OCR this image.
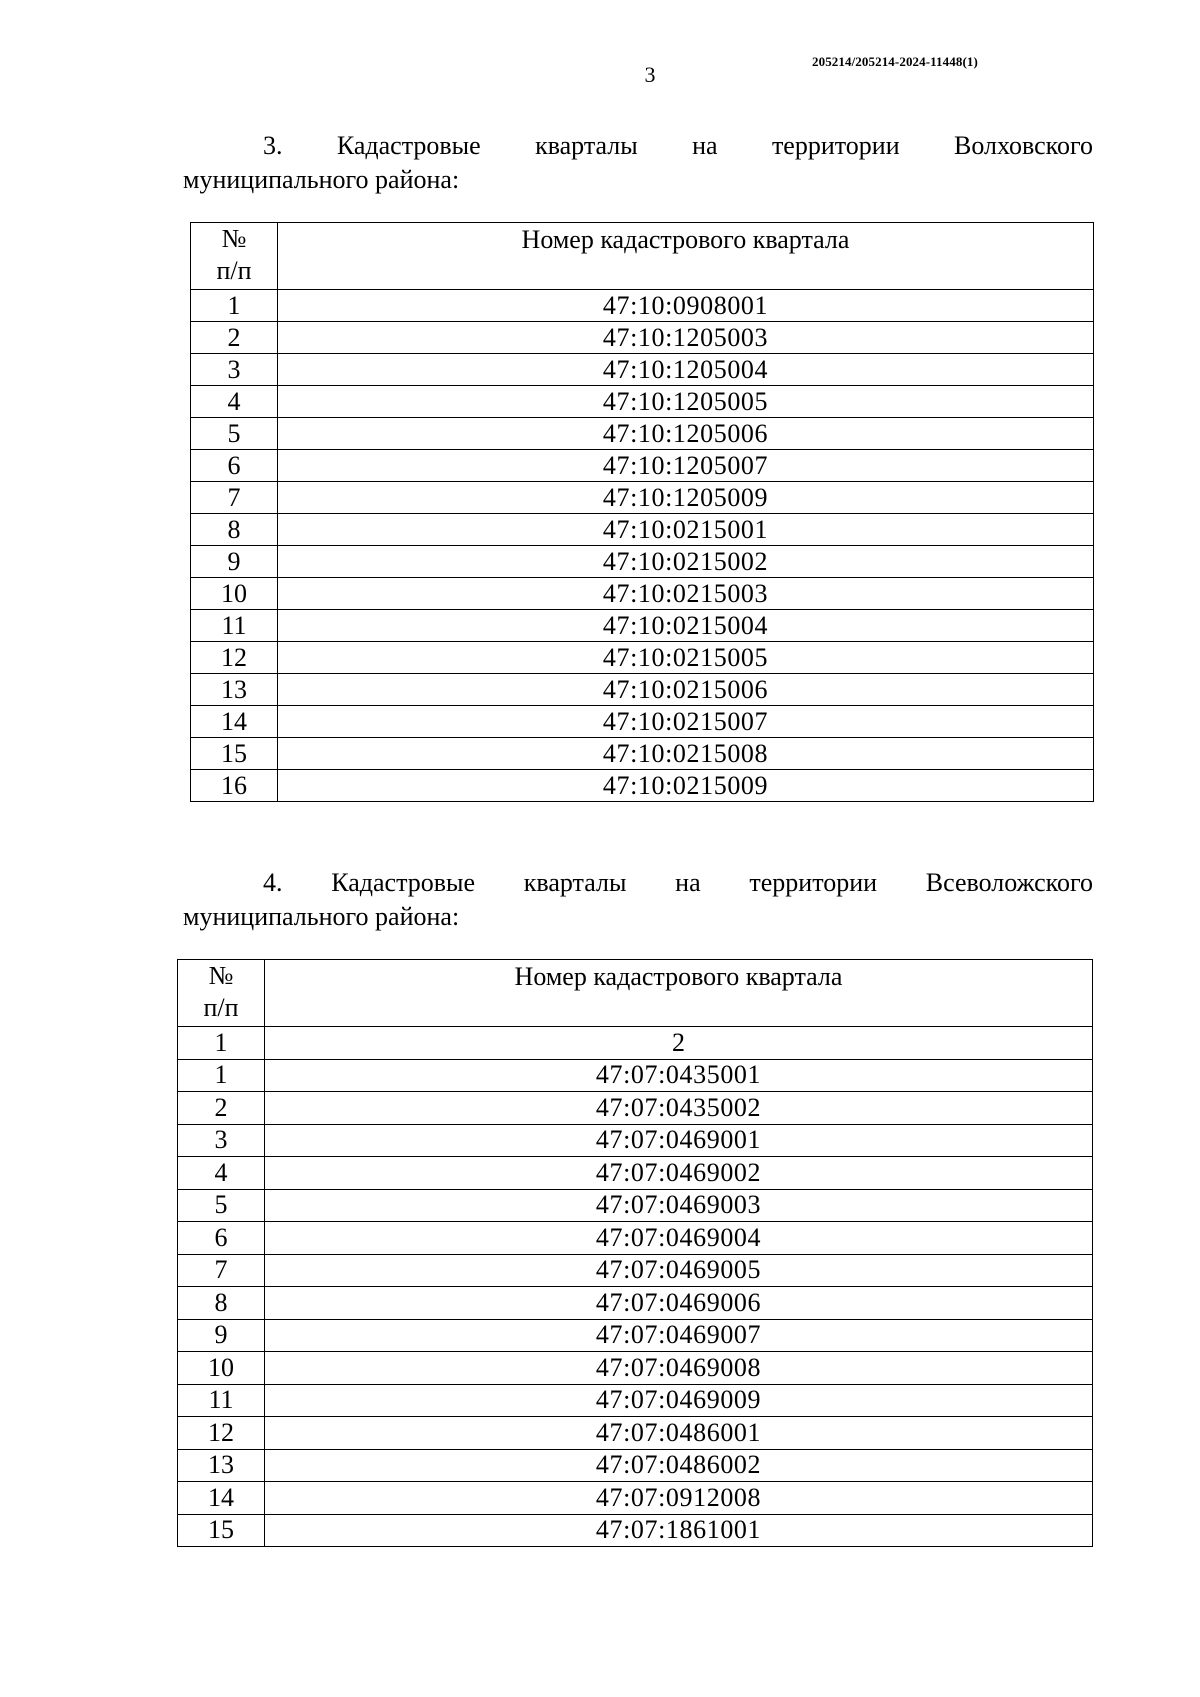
3
205214/205214-2024-11448(1)
3. Кадастровые кварталы на территории Волховского
муниципального района:
№
п/п	Номер кадастрового квартала
1	47:10:0908001
2	47:10:1205003
3	47:10:1205004
4	47:10:1205005
5	47:10:1205006
6	47:10:1205007
7	47:10:1205009
8	47:10:0215001
9	47:10:0215002
10	47:10:0215003
11	47:10:0215004
12	47:10:0215005
13	47:10:0215006
14	47:10:0215007
15	47:10:0215008
16	47:10:0215009
4. Кадастровые кварталы на территории Всеволожского
муниципального района:
№
п/п	Номер кадастрового квартала
1	2
1	47:07:0435001
2	47:07:0435002
3	47:07:0469001
4	47:07:0469002
5	47:07:0469003
6	47:07:0469004
7	47:07:0469005
8	47:07:0469006
9	47:07:0469007
10	47:07:0469008
11	47:07:0469009
12	47:07:0486001
13	47:07:0486002
14	47:07:0912008
15	47:07:1861001
